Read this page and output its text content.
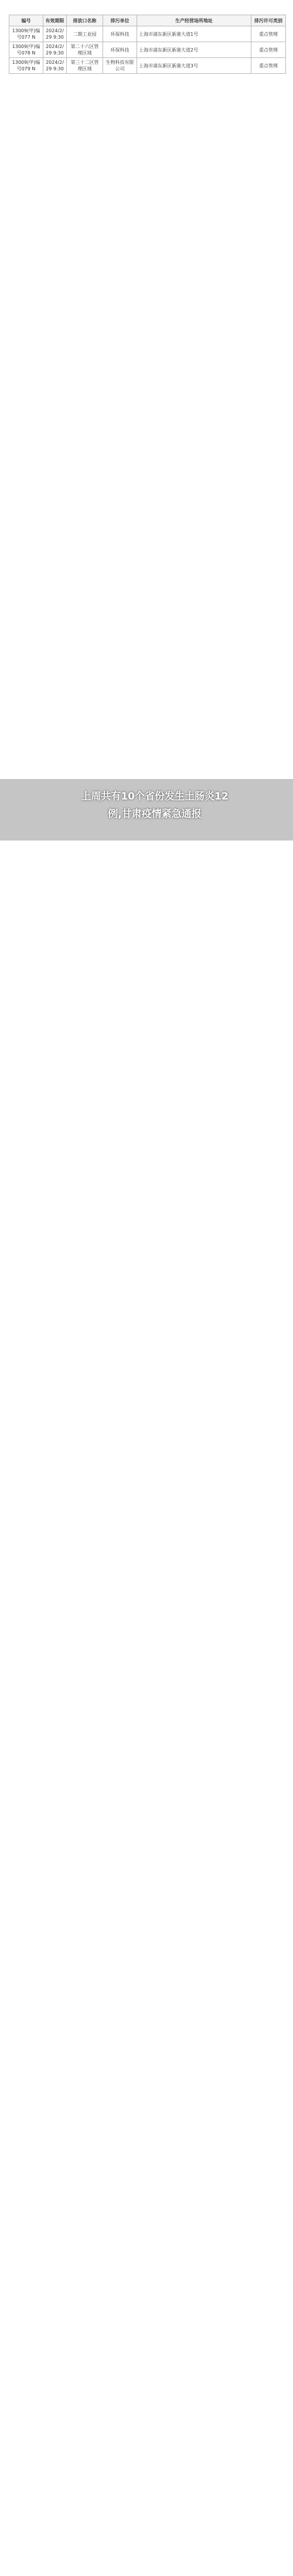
编号	有效期限	排放口名称	排污单位	生产经营场所地址	排污许可类别
13009(甲)编号077 N	2024/2/29 9:30	二期工业园	环保科技	上海市浦东新区新港大道1号	重点管理
13009(甲)编号078 N	2024/2/29 9:30	第二十六区管理区域	环保科技	上海市浦东新区新港大道2号	重点管理
13009(甲)编号079 N	2024/2/29 9:30	第三十二区管理区域	生物科技有限公司	上海市浦东新区新港大道3号	重点管理
上周共有10个省份发生土肠炎12例,甘肃疫情紧急通报
